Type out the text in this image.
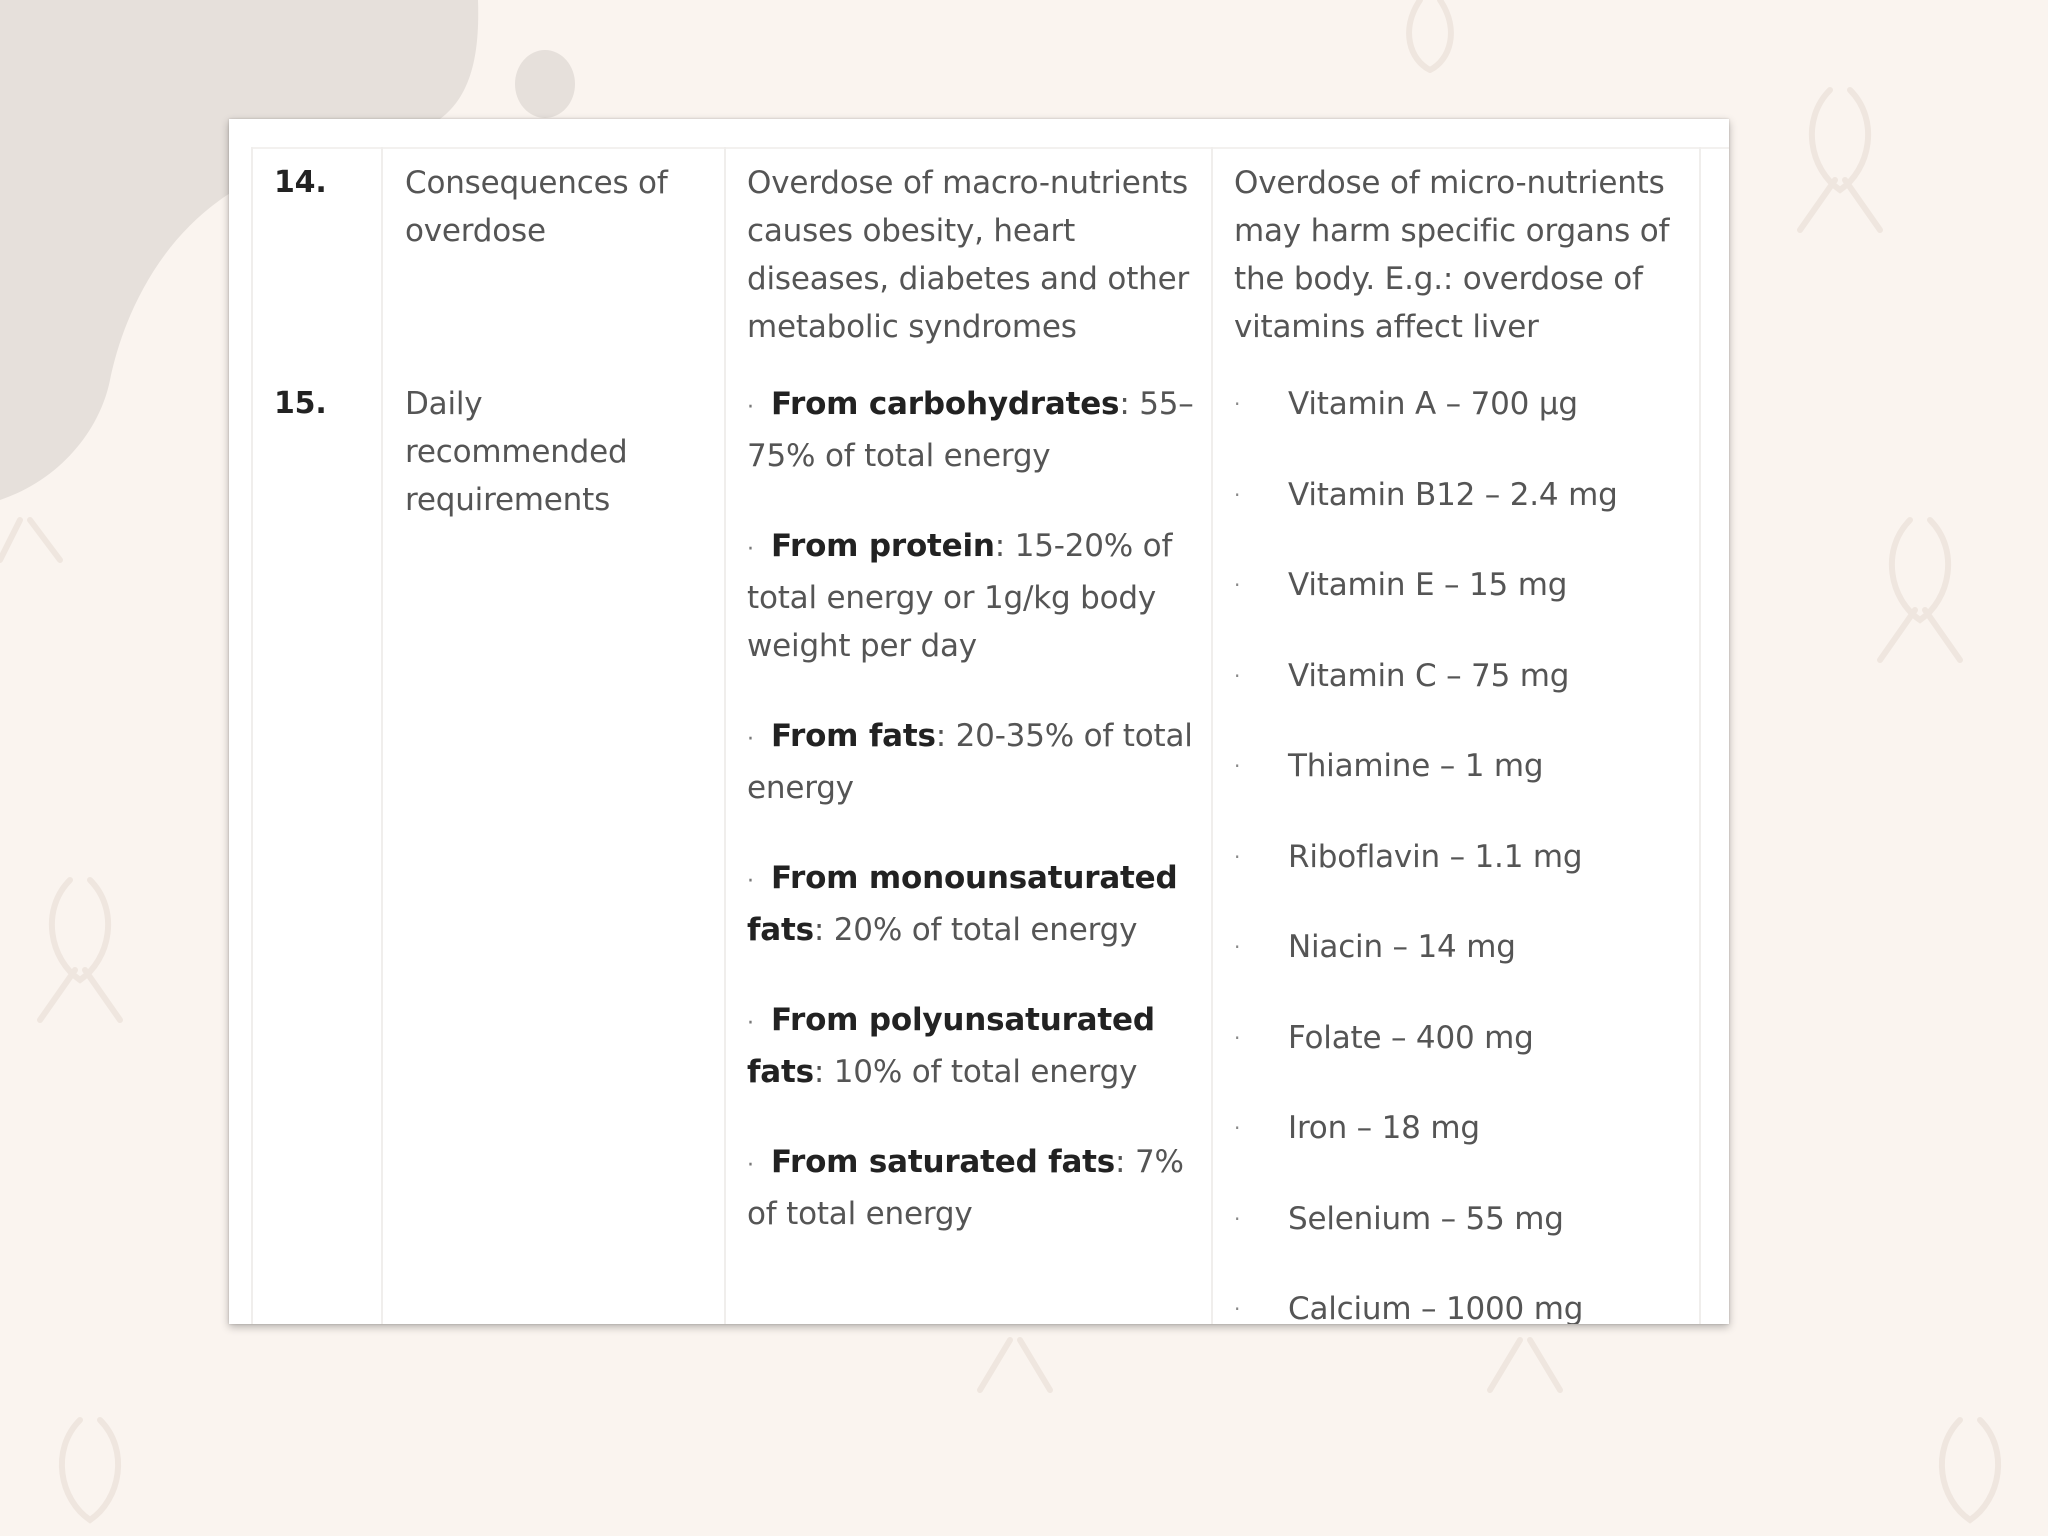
14.	Consequences of overdose
Overdose of macro-nutrients causes obesity, heart diseases, diabetes and other metabolic syndromes
Overdose of micro-nutrients may harm specific organs of the body. E.g.: overdose of vitamins affect liver
15.	Daily recommended requirements

· From carbohydrates: 55–75% of total energy

· From protein: 15-20% of total energy or 1g/kg body weight per day

· From fats: 20-35% of total energy

· From monounsaturated fats: 20% of total energy

· From polyunsaturated fats: 10% of total energy

· From saturated fats: 7% of total energy

· Vitamin A – 700 µg
· Vitamin B12 – 2.4 mg
· Vitamin E – 15 mg
· Vitamin C – 75 mg
· Thiamine – 1 mg
· Riboflavin – 1.1 mg
· Niacin – 14 mg
· Folate – 400 mg
· Iron – 18 mg
· Selenium – 55 mg
· Calcium – 1000 mg
